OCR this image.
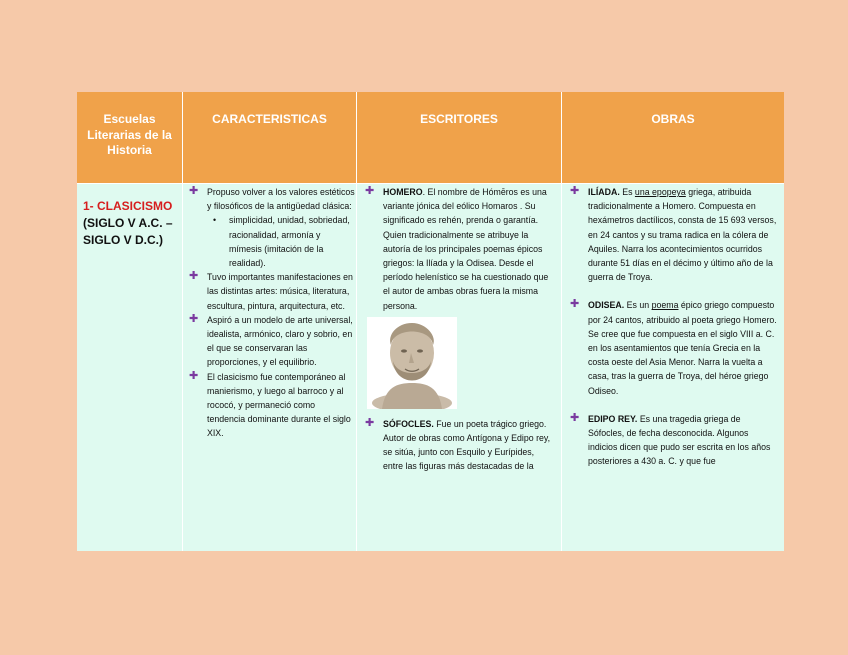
Escuelas Literarias de la Historia
CARACTERISTICAS	ESCRITORES	OBRAS
1- CLASICISMO
(SIGLO V A.C. – SIGLO V D.C.)
✚ Propuso volver a los valores estéticos y filosóficos de la antigüedad clásica:
• simplicidad, unidad, sobriedad, racionalidad, armonía y mímesis (imitación de la realidad).
✚ Tuvo importantes manifestaciones en las distintas artes: música, literatura, escultura, pintura, arquitectura, etc.
✚ Aspiró a un modelo de arte universal, idealista, armónico, claro y sobrio, en el que se conservaran las proporciones, y el equilibrio.
✚ El clasicismo fue contemporáneo al manierismo, y luego al barroco y al rococó, y permaneció como tendencia dominante durante el siglo XIX.
✚ HOMERO. El nombre de Hómēros es una variante jónica del eólico Homaros . Su significado es rehén, prenda o garantía. Quien tradicionalmente se atribuye la autoría de los principales poemas épicos griegos: la Ilíada y la Odisea. Desde el período helenístico se ha cuestionado que el autor de ambas obras fuera la misma persona.
✚ SÓFOCLES. Fue un poeta trágico griego. Autor de obras como Antígona y Edipo rey, se sitúa, junto con Esquilo y Eurípides, entre las figuras más destacadas de la
✚ ILÍADA. Es una epopeya griega, atribuida tradicionalmente a Homero. Compuesta en hexámetros dactílicos, consta de 15 693 versos, en 24 cantos y su trama radica en la cólera de Aquiles. Narra los acontecimientos ocurridos durante 51 días en el décimo y último año de la guerra de Troya.
✚ ODISEA. Es un poema épico griego compuesto por 24 cantos, atribuido al poeta griego Homero. Se cree que fue compuesta en el siglo VIII a. C. en los asentamientos que tenía Grecia en la costa oeste del Asia Menor. Narra la vuelta a casa, tras la guerra de Troya, del héroe griego Odiseo.
✚ EDIPO REY. Es una tragedia griega de Sófocles, de fecha desconocida. Algunos indicios dicen que pudo ser escrita en los años posteriores a 430 a. C. y que fue
